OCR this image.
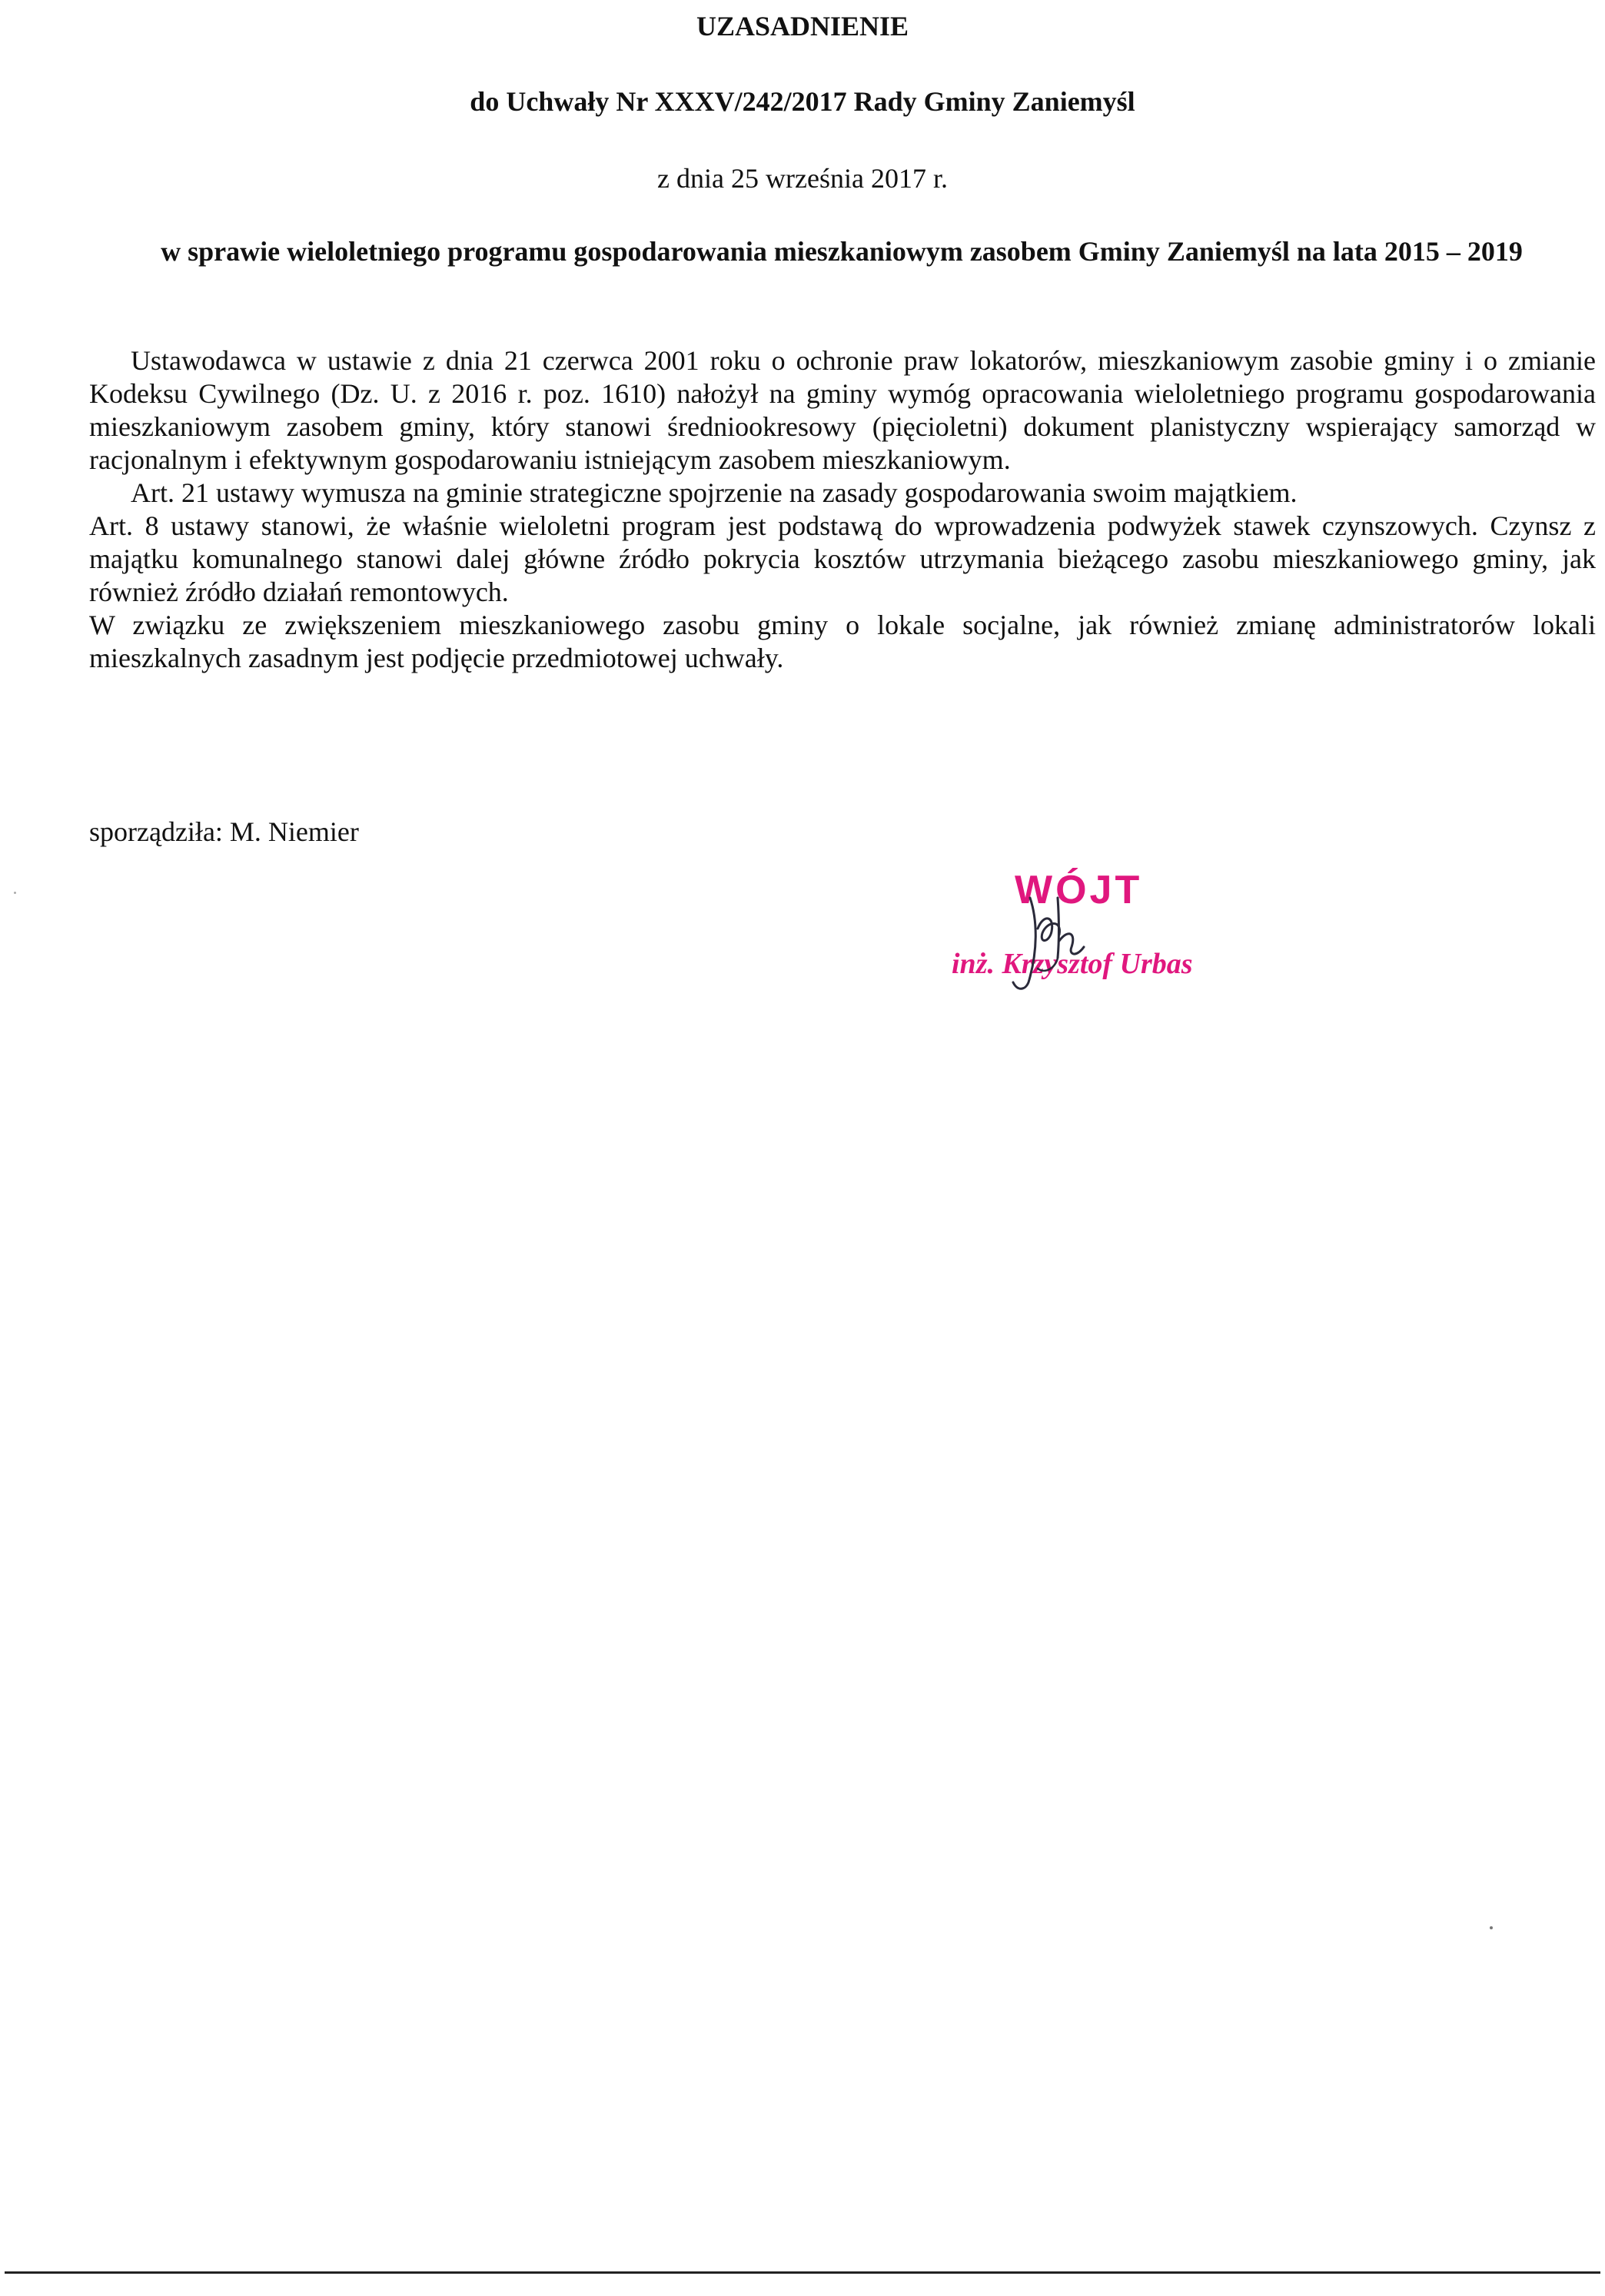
UZASADNIENIE
do Uchwały Nr XXXV/242/2017 Rady Gminy Zaniemyśl
z dnia 25 września 2017 r.
w sprawie wieloletniego programu gospodarowania mieszkaniowym zasobem Gminy Zaniemyśl na lata 2015 – 2019

Ustawodawca w ustawie z dnia 21 czerwca 2001 roku o ochronie praw lokatorów, mieszkaniowym zasobie gminy i o zmianie Kodeksu Cywilnego (Dz. U. z 2016 r. poz. 1610) nałożył na gminy wymóg opracowania wieloletniego programu gospodarowania mieszkaniowym zasobem gminy, który stanowi średniookresowy (pięcioletni) dokument planistyczny wspierający samorząd w racjonalnym i efektywnym gospodarowaniu istniejącym zasobem mieszkaniowym.

Art. 21 ustawy wymusza na gminie strategiczne spojrzenie na zasady gospodarowania swoim majątkiem.

Art. 8 ustawy stanowi, że właśnie wieloletni program jest podstawą do wprowadzenia podwyżek stawek czynszowych. Czynsz z majątku komunalnego stanowi dalej główne źródło pokrycia kosztów utrzymania bieżącego zasobu mieszkaniowego gminy, jak również źródło działań remontowych.

W związku ze zwiększeniem mieszkaniowego zasobu gminy o lokale socjalne, jak również zmianę administratorów lokali mieszkalnych zasadnym jest podjęcie przedmiotowej uchwały.

sporządziła: M. Niemier
WÓJT
inż. Krzysztof Urbas
